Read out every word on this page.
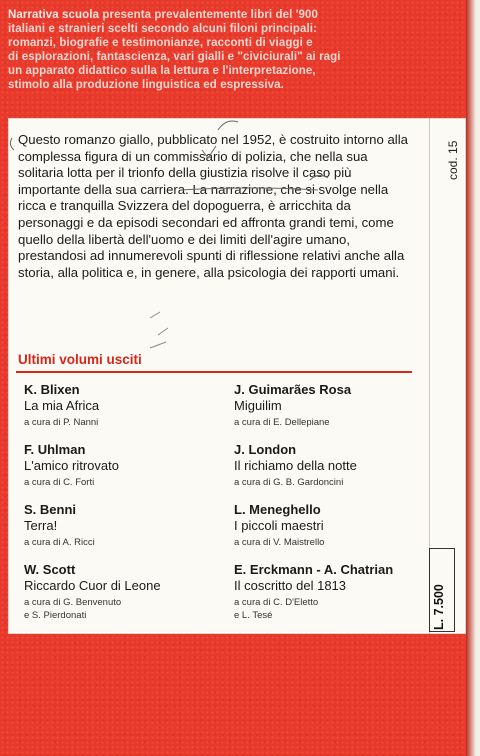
Narrativa scuola presenta prevalentemente libri del '900
italiani e stranieri scelti secondo alcuni filoni principali:
romanzi, biografie e testimonianze, racconti di viaggi e
di esplorazioni, fantascienza, vari gialli e "civiciurali" ai ragi
un apparato didattico sulla la lettura e l'interpretazione,
stimolo alla produzione linguistica ed espressiva.

Questo romanzo giallo, pubblicato nel 1952, è costruito intorno alla complessa figura di un commissario di polizia, che nella sua solitaria lotta per il trionfo della giustizia risolve il caso più importante della sua carriera. La narrazione, che si svolge nella ricca e tranquilla Svizzera del dopoguerra, è arricchita da personaggi e da episodi secondari ed affronta grandi temi, come quello della libertà dell'uomo e dei limiti dell'agire umano, prestandosi ad innumerevoli spunti di riflessione relativi anche alla storia, alla politica e, in genere, alla psicologia dei rapporti umani.

cod. 15
Ultimi volumi usciti
K. Blixen
La mia Africa
a cura di P. Nanni
F. Uhlman
L'amico ritrovato
a cura di C. Forti
S. Benni
Terra!
a cura di A. Ricci
W. Scott
Riccardo Cuor di Leone
a cura di G. Benvenuto
e S. Pierdonati
J. Guimarães Rosa
Miguilim
a cura di E. Dellepiane
J. London
Il richiamo della notte
a cura di G. B. Gardoncini
L. Meneghello
I piccoli maestri
a cura di V. Maistrello
E. Erckmann - A. Chatrian
Il coscritto del 1813
a cura di C. D'Eletto
e L. Tesé	L. 7.500
